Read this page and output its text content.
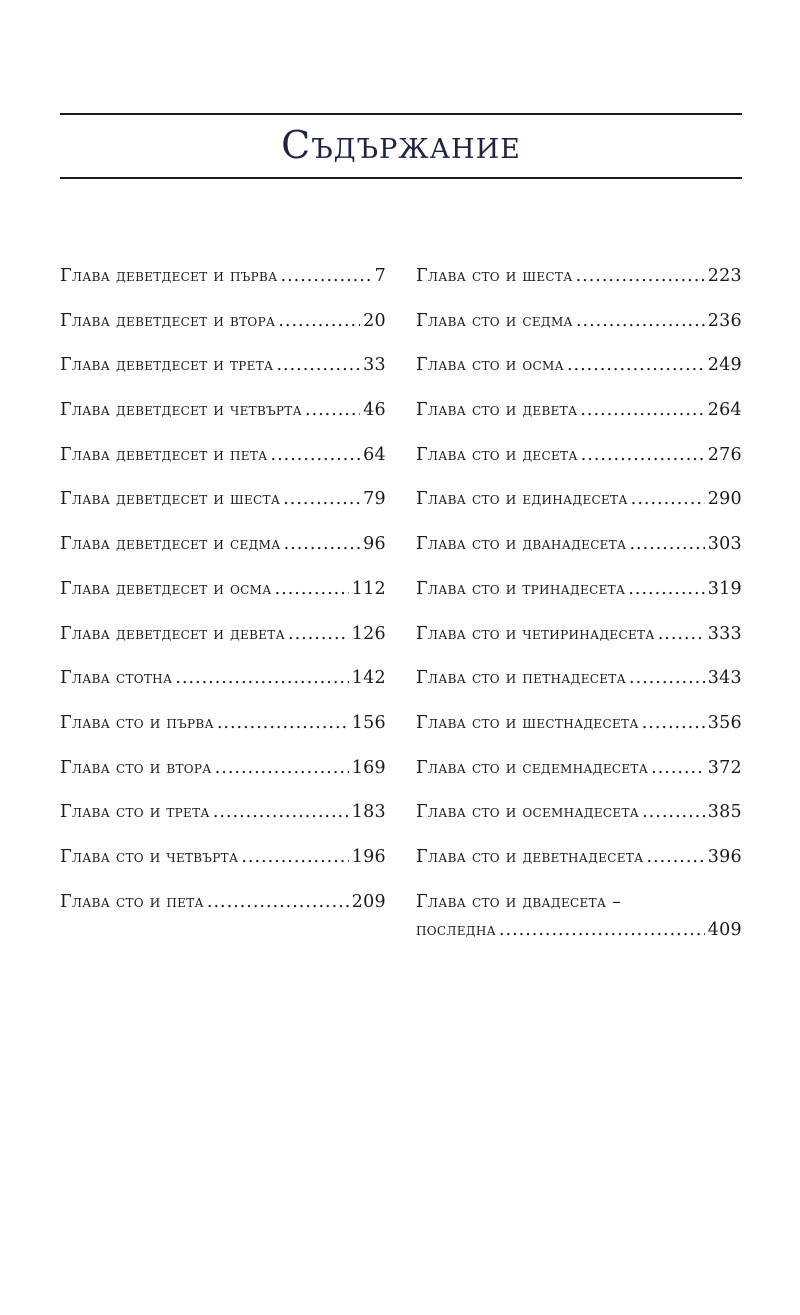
Съдържание
Глава деветдесет и първа .....	7
Глава деветдесет и втора .....	20
Глава деветдесет и трета .....	33
Глава деветдесет и четвърта .....	46
Глава деветдесет и пета .....	64
Глава деветдесет и шеста .....	79
Глава деветдесет и седма .....	96
Глава деветдесет и осма .....	112
Глава деветдесет и девета .....	126
Глава стотна .....	142
Глава сто и първа .....	156
Глава сто и втора .....	169
Глава сто и трета .....	183
Глава сто и четвърта .....	196
Глава сто и пета .....	209
Глава сто и шеста .....	223
Глава сто и седма .....	236
Глава сто и осма .....	249
Глава сто и девета .....	264
Глава сто и десета .....	276
Глава сто и единадесета .....	290
Глава сто и дванадесета .....	303
Глава сто и тринадесета .....	319
Глава сто и четиринадесета .....	333
Глава сто и петнадесета .....	343
Глава сто и шестнадесета .....	356
Глава сто и седемнадесета .....	372
Глава сто и осемнадесета .....	385
Глава сто и деветнадесета .....	396
Глава сто и двадесета –
последна .....	409
